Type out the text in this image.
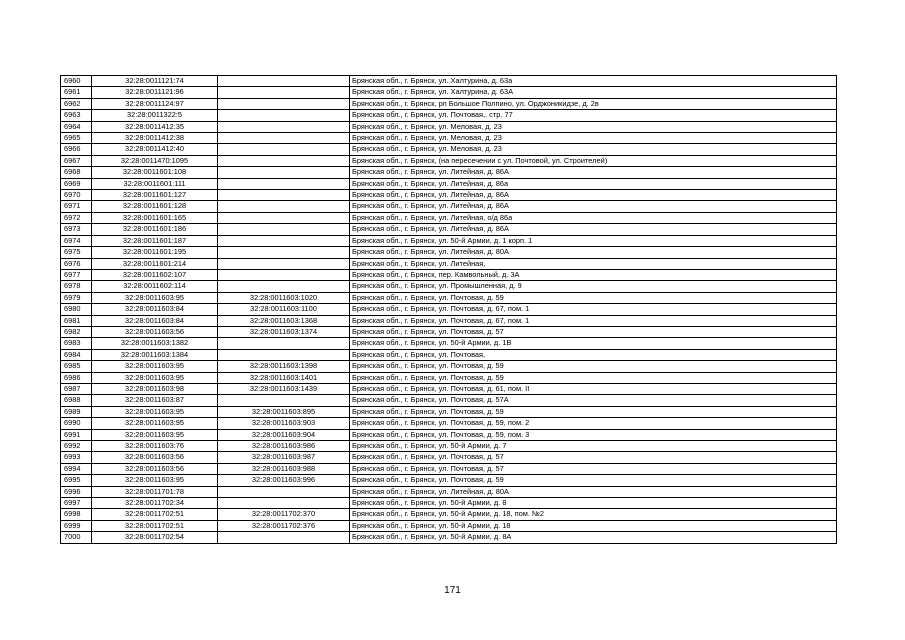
6960	32:28:0011121:74		Брянская обл., г. Брянск, ул. Халтурина, д. 63а
6961	32:28:0011121:96		Брянская обл., г. Брянск, ул. Халтурина, д. 63А
6962	32:28:0011124:97		Брянская обл., г. Брянск, рп Большое Полпино, ул. Орджоникидзе, д. 2в
6963	32:28:0011322:5		Брянская обл., г. Брянск, ул. Почтовая,. стр. 77
6964	32:28:0011412:35		Брянская обл., г. Брянск, ул. Меловая, д. 23
6965	32:28:0011412:38		Брянская обл., г. Брянск, ул. Меловая, д. 23
6966	32:28:0011412:40		Брянская обл., г. Брянск, ул. Меловая, д. 23
6967	32:28:0011470:1095		Брянская обл., г. Брянск, (на пересечении с ул. Почтовой, ул. Строителей)
6968	32:28:0011601:108		Брянская обл., г. Брянск, ул. Литейная, д. 86А
6969	32:28:0011601:111		Брянская обл., г. Брянск, ул. Литейная, д. 86а
6970	32:28:0011601:127		Брянская обл., г. Брянск, ул. Литейная, д. 86А
6971	32:28:0011601:128		Брянская обл., г. Брянск, ул. Литейная, д. 86А
6972	32:28:0011601:165		Брянская обл., г. Брянск, ул. Литейная, о/д 86а
6973	32:28:0011601:186		Брянская обл., г. Брянск, ул. Литейная, д. 86А
6974	32:28:0011601:187		Брянская обл., г. Брянск, ул. 50-й Армии, д. 1 корп. 1
6975	32:28:0011601:195		Брянская обл., г. Брянск, ул. Литейная, д. 80А
6976	32:28:0011601:214		Брянская обл., г. Брянск, ул. Литейная,
6977	32:28:0011602:107		Брянская обл., г. Брянск, пер. Камвольный, д. 3А
6978	32:28:0011602:114		Брянская обл., г. Брянск, ул. Промышленная, д. 9
6979	32:28:0011603:95	32:28:0011603:1020	Брянская обл., г. Брянск, ул. Почтовая, д. 59
6980	32:28:0011603:84	32:28:0011603:1100	Брянская обл., г. Брянск, ул. Почтовая, д. 67, пом. 1
6981	32:28:0011603:84	32:28:0011603:1368	Брянская обл., г. Брянск, ул. Почтовая, д. 67, пом. 1
6982	32:28:0011603:56	32:28:0011603:1374	Брянская обл., г. Брянск, ул. Почтовая, д. 57
6983	32:28:0011603:1382		Брянская обл., г. Брянск, ул. 50-й Армии, д. 1В
6984	32:28:0011603:1384		Брянская обл., г. Брянск, ул. Почтовая,
6985	32:28:0011603:95	32:28:0011603:1398	Брянская обл., г. Брянск, ул. Почтовая, д. 59
6986	32:28:0011603:95	32:28:0011603:1401	Брянская обл., г. Брянск, ул. Почтовая, д. 59
6987	32:28:0011603:98	32:28:0011603:1439	Брянская обл., г. Брянск, ул. Почтовая, д. 61, пом. II
6988	32:28:0011603:87		Брянская обл., г. Брянск, ул. Почтовая, д. 57А
6989	32:28:0011603:95	32:28:0011603:895	Брянская обл., г. Брянск, ул. Почтовая, д. 59
6990	32:28:0011603:95	32:28:0011603:903	Брянская обл., г. Брянск, ул. Почтовая, д. 59, пом. 2
6991	32:28:0011603:95	32:28:0011603:904	Брянская обл., г. Брянск, ул. Почтовая, д. 59, пом. 3
6992	32:28:0011603:76	32:28:0011603:986	Брянская обл., г. Брянск, ул. 50-й Армии, д. 7
6993	32:28:0011603:56	32:28:0011603:987	Брянская обл., г. Брянск, ул. Почтовая, д. 57
6994	32:28:0011603:56	32:28:0011603:988	Брянская обл., г. Брянск, ул. Почтовая, д. 57
6995	32:28:0011603:95	32:28:0011603:996	Брянская обл., г. Брянск, ул. Почтовая, д. 59
6996	32:28:0011701:78		Брянская обл., г. Брянск, ул. Литейная, д. 80А
6997	32:28:0011702:34		Брянская обл., г. Брянск, ул. 50-й Армии, д. 8
6998	32:28:0011702:51	32:28:0011702:370	Брянская обл., г. Брянск, ул. 50-й Армии, д. 18, пом. №2
6999	32:28:0011702:51	32:28:0011702:376	Брянская обл., г. Брянск, ул. 50-й Армии, д. 18
7000	32:28:0011702:54		Брянская обл., г. Брянск, ул. 50-й Армии, д. 8А
171
